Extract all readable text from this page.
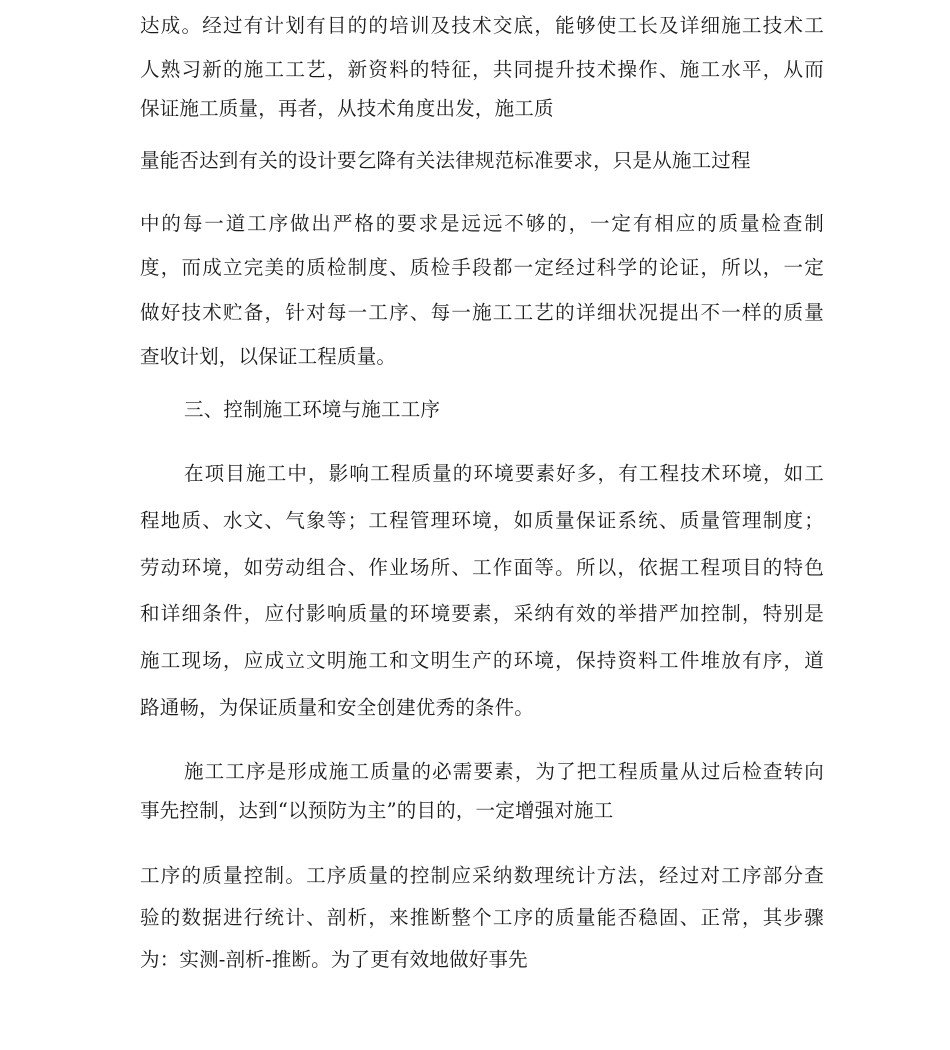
达成。经过有计划有目的的培训及技术交底，能够使工长及详细施工技术工
人熟习新的施工工艺，新资料的特征，共同提升技术操作、施工水平，从而
保证施工质量，再者，从技术角度出发，施工质
量能否达到有关的设计要乞降有关法律规范标准要求，只是从施工过程
中的每一道工序做出严格的要求是远远不够的，一定有相应的质量检查制
度，而成立完美的质检制度、质检手段都一定经过科学的论证，所以，一定
做好技术贮备，针对每一工序、每一施工工艺的详细状况提出不一样的质量
查收计划，以保证工程质量。
三、控制施工环境与施工工序
在项目施工中，影响工程质量的环境要素好多，有工程技术环境，如工
程地质、水文、气象等；工程管理环境，如质量保证系统、质量管理制度；
劳动环境，如劳动组合、作业场所、工作面等。所以，依据工程项目的特色
和详细条件，应付影响质量的环境要素，采纳有效的举措严加控制，特别是
施工现场，应成立文明施工和文明生产的环境，保持资料工件堆放有序，道
路通畅，为保证质量和安全创建优秀的条件。
施工工序是形成施工质量的必需要素，为了把工程质量从过后检查转向
事先控制，达到“以预防为主”的目的，一定增强对施工
工序的质量控制。工序质量的控制应采纳数理统计方法，经过对工序部分查
验的数据进行统计、剖析，来推断整个工序的质量能否稳固、正常，其步骤
为：实测-剖析-推断。为了更有效地做好事先
